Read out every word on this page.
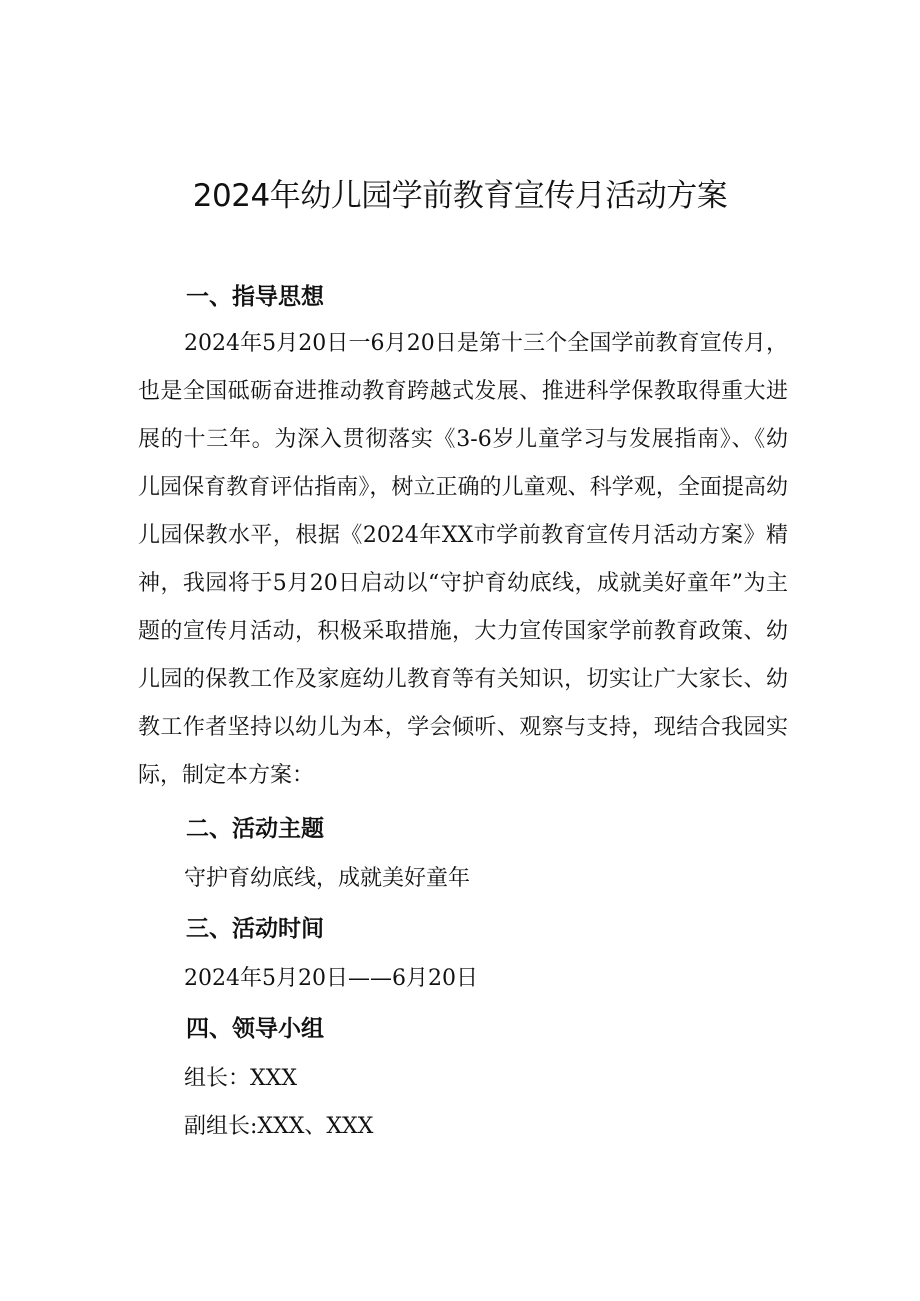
2024年幼儿园学前教育宣传月活动方案
一、指导思想

2024年5月20日一6月20日是第十三个全国学前教育宣传月，也是全国砥砺奋进推动教育跨越式发展、推进科学保教取得重大进展的十三年。为深入贯彻落实《3-6岁儿童学习与发展指南》、《幼儿园保育教育评估指南》，树立正确的儿童观、科学观，全面提高幼儿园保教水平，根据《2024年XX市学前教育宣传月活动方案》精神，我园将于5月20日启动以“守护育幼底线，成就美好童年”为主题的宣传月活动，积极采取措施，大力宣传国家学前教育政策、幼儿园的保教工作及家庭幼儿教育等有关知识，切实让广大家长、幼教工作者坚持以幼儿为本，学会倾听、观察与支持，现结合我园实际，制定本方案：

二、活动主题

守护育幼底线，成就美好童年

三、活动时间

2024年5月20日——6月20日

四、领导小组

组长：XXX

副组长:XXX、XXX
